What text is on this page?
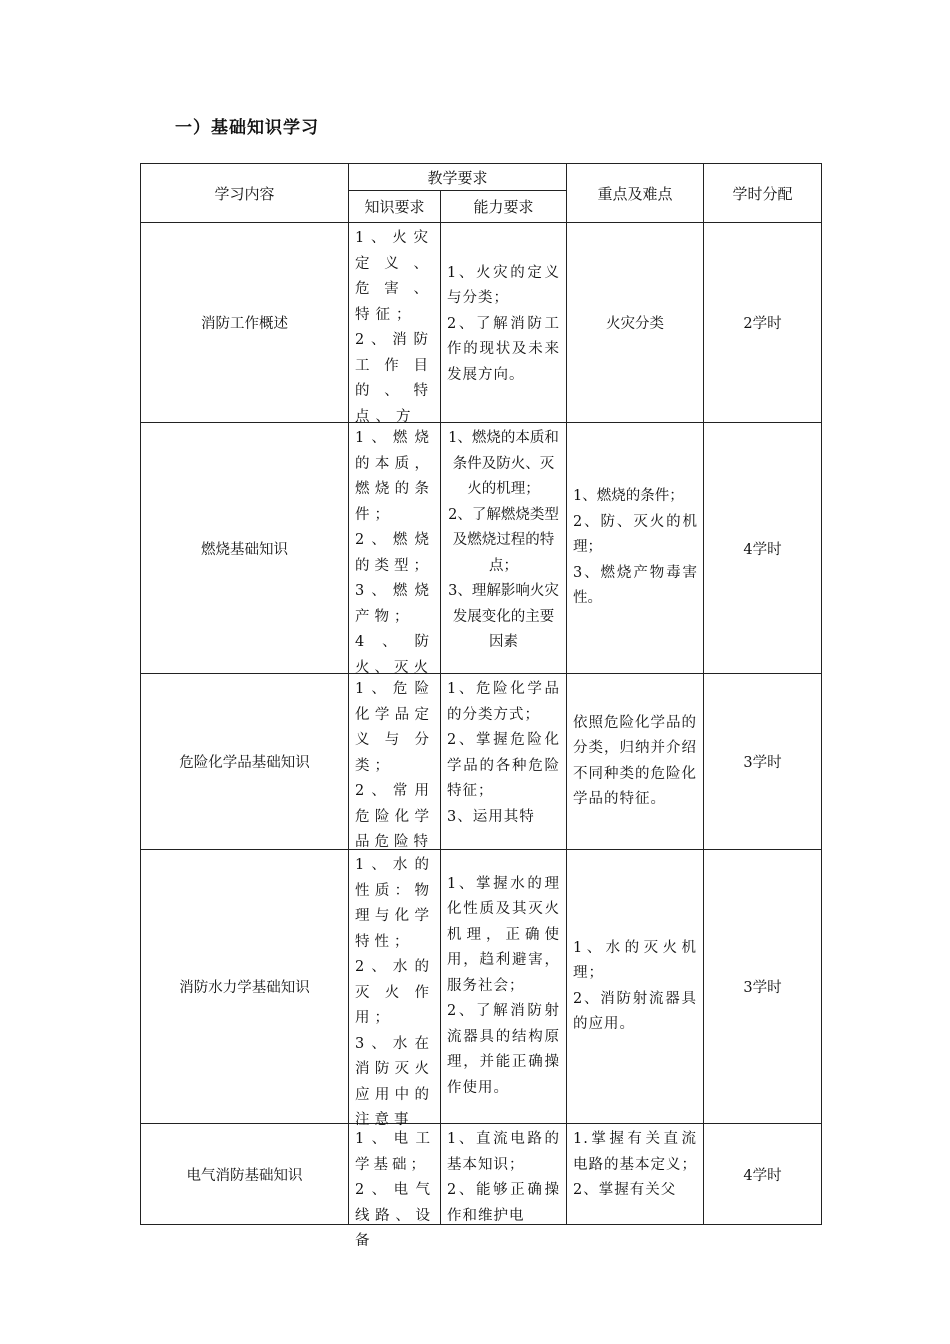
一）基础知识学习
学习内容	教学要求		重点及难点	学时分配
	知识要求	能力要求		
消防工作概述	1、火灾定义、危害、特征；
2、消防工作目的、特点、方	1、火灾的定义与分类；
2、了解消防工作的现状及未来发展方向。	火灾分类	2学时
燃烧基础知识	1、燃烧的本质，燃烧的条件；
2、燃烧的类型；
3、燃烧产物；
4、防火、灭火	1、燃烧的本质和条件及防火、灭火的机理；
2、了解燃烧类型及燃烧过程的特点；
3、理解影响火灾发展变化的主要因素	1、燃烧的条件；
2、防、灭火的机理；
3、燃烧产物毒害性。	4学时
危险化学品基础知识	1、危险化学品定义与分类；
2、常用危险化学品危险特	1、危险化学品的分类方式；
2、掌握危险化学品的各种危险特征；
3、运用其特	依照危险化学品的分类，归纳并介绍不同种类的危险化学品的特征。	3学时
消防水力学基础知识	1、水的性质：物理与化学特性；
2、水的灭火作用；
3、水在消防灭火应用中的注意事	1、掌握水的理化性质及其灭火机理，正确使用，趋利避害，服务社会；
2、了解消防射流器具的结构原理，并能正确操作使用。	1、水的灭火机理；
2、消防射流器具的应用。	3学时
电气消防基础知识	1、电工学基础；
2、电气线路、设备	1、直流电路的基本知识；
2、能够正确操作和维护电	1.掌握有关直流电路的基本定义；
2、掌握有关父	4学时
